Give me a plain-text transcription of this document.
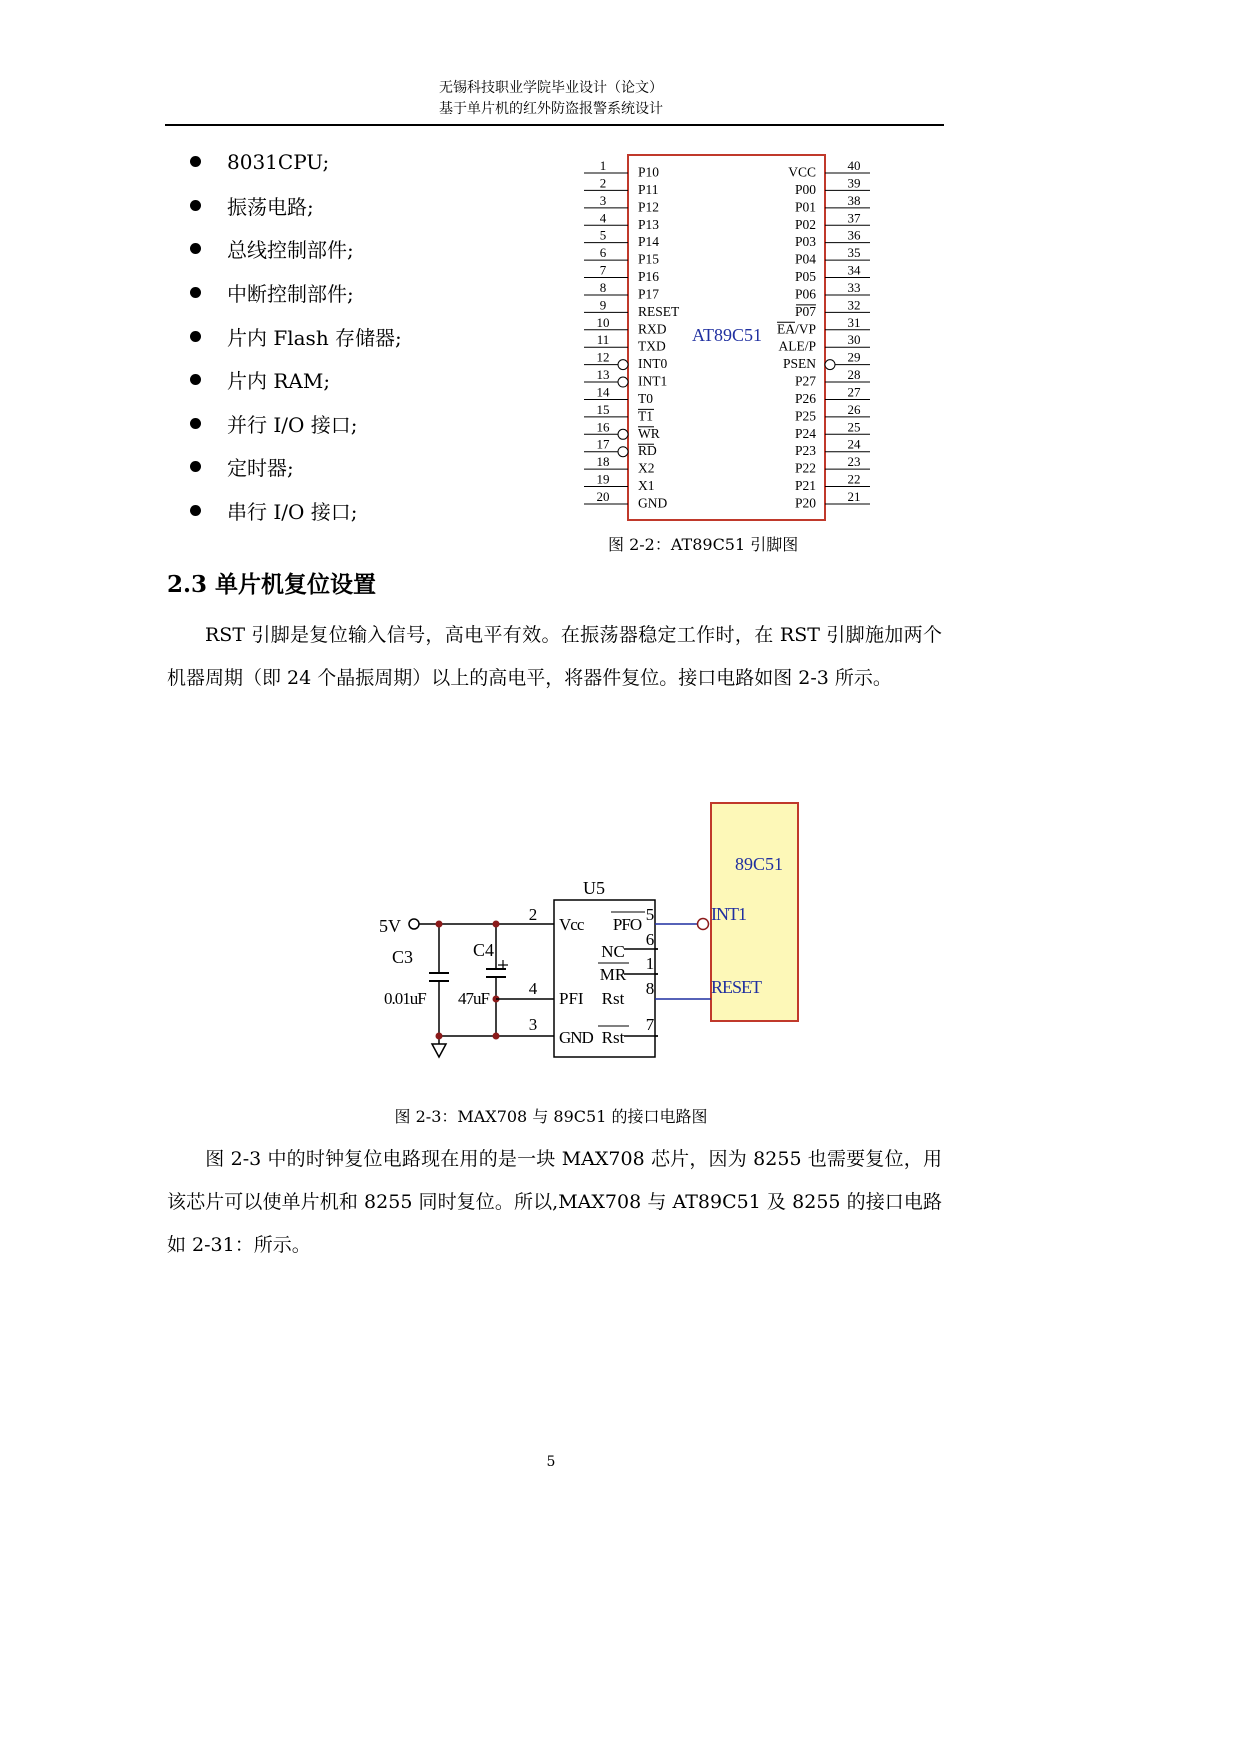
无锡科技职业学院毕业设计（论文）
基于单片机的红外防盗报警系统设计
8031CPU;
振荡电路;
总线控制部件;
中断控制部件;
片内 Flash 存储器;
片内 RAM;
并行 I/O 接口;
定时器;
串行 I/O 接口;
AT89C51
1 P10
2 P11
3 P12
4 P13
5 P14
6 P15
7 P16
8 P17
9 RESET
10 RXD
11 TXD
12 INT0
13 INT1
14 T0
15 T1
16 WR
17 RD
18 X2
19 X1
20 GND
40
VCC
39
P00
38
P01
37
P02
36
P03
35
P04
34
P05
33
P06
32
P07
31
EA/VP
30
ALE/P
29
PSEN
28
P27
27
P26
26
P25
25
P24
24
P23
23
P22
22
P21
21
P20
图 2-2：AT89C51 引脚图
2.3 单片机复位设置

RST 引脚是复位输入信号，高电平有效。在振荡器稳定工作时，在 RST 引脚施加两个机器周期（即 24 个晶振周期）以上的高电平，将器件复位。接口电路如图 2-3 所示。

89C51
INT1
RESET
U5
Vcc
PFI
GND
PFO
NC
MR
Rst
Rst
2
4
3
5
6
1
8
7
5V
C3
0.01uF
C4
47uF
图 2-3：MAX708 与 89C51 的接口电路图

图 2-3 中的时钟复位电路现在用的是一块 MAX708 芯片，因为 8255 也需要复位，用该芯片可以使单片机和 8255 同时复位。所以,MAX708 与 AT89C51 及 8255 的接口电路如 2-31：所示。

5
